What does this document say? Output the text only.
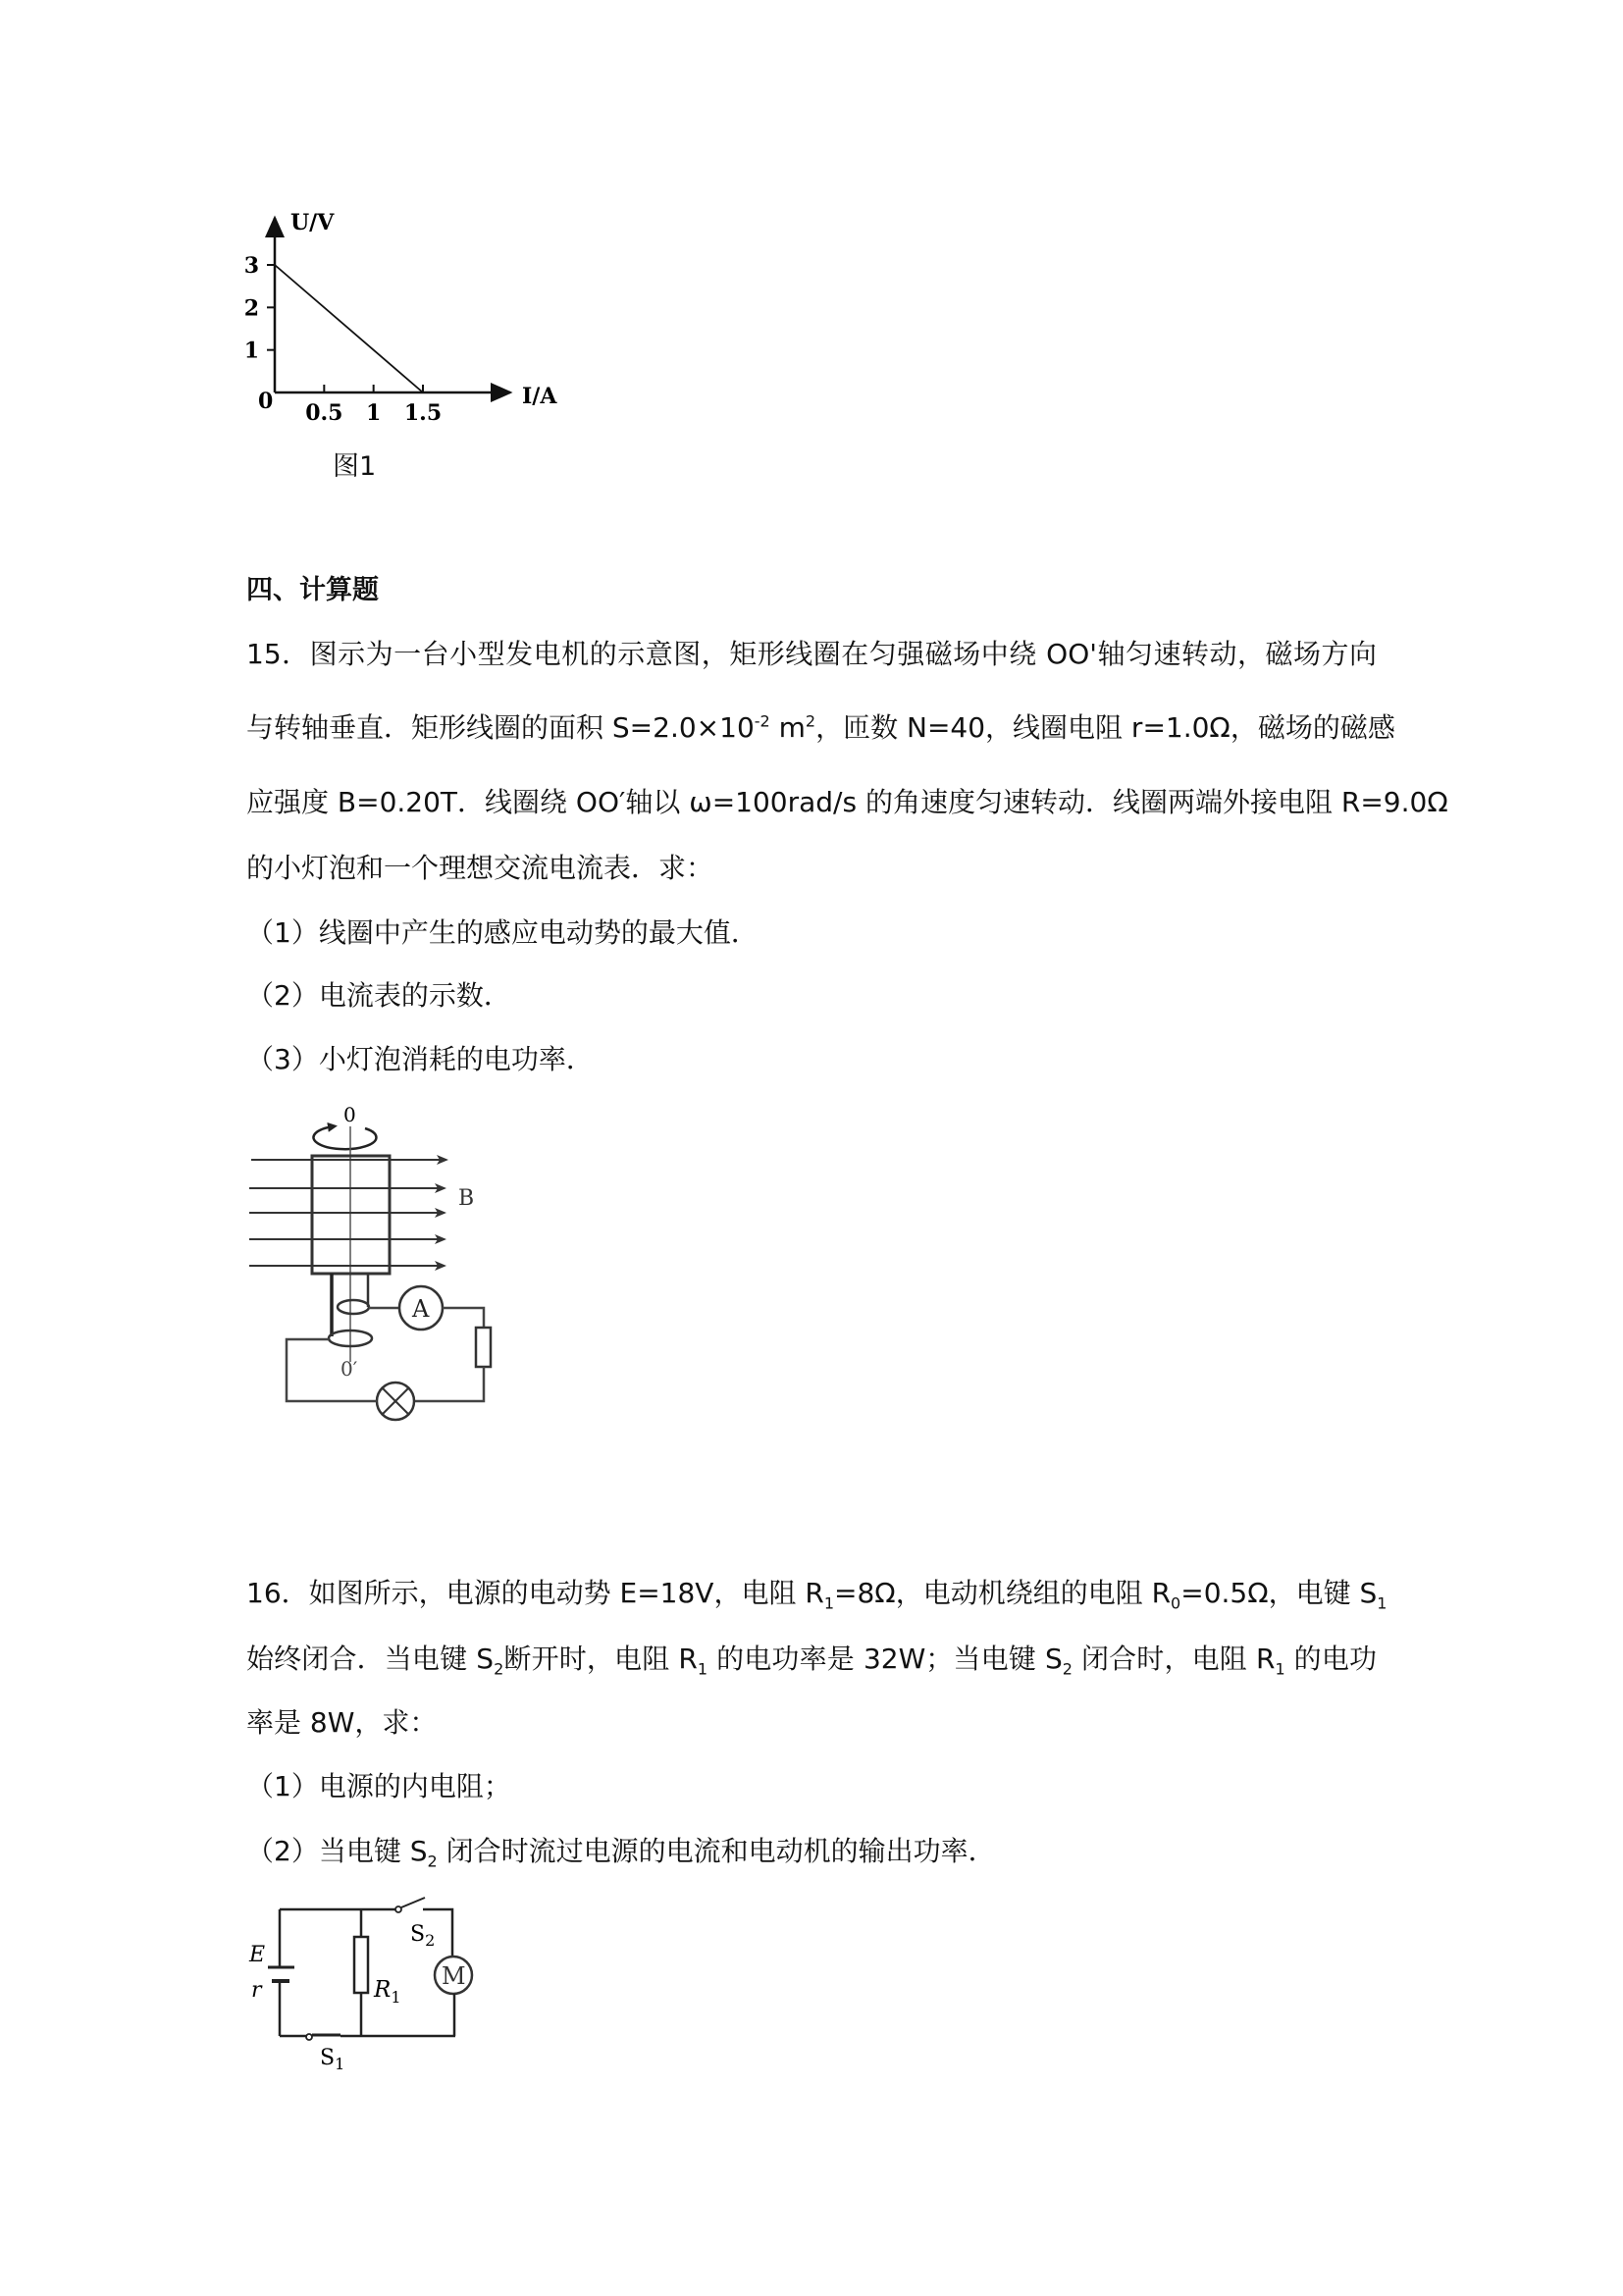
0.5 1 1.5
1
2
3
U/V
I/A
0
图1
四、计算题
15．图示为一台小型发电机的示意图，矩形线圈在匀强磁场中绕 OO'轴匀速转动，磁场方向
与转轴垂直．矩形线圈的面积 $S=2.0\times 10^{-2}$ $m^2$，匝数 N=40，线圈电阻 r=1.0Ω，磁场的磁感
应强度 B=0.20T．线圈绕 OO′轴以 ω=100rad/s 的角速度匀速转动．线圈两端外接电阻 R=9.0Ω
的小灯泡和一个理想交流电流表．求：
（1）线圈中产生的感应电动势的最大值．
（2）电流表的示数．
（3）小灯泡消耗的电功率．
0
B
0′
A
16．如图所示，电源的电动势 E=18V，电阻 $R_1=8\Omega$，电动机绕组的电阻 $R_0=0.5\Omega$，电键 $S_1$
始终闭合．当电键 $S_2$断开时，电阻 $R_1$ 的电功率是 32W；当电键 $S_2$ 闭合时，电阻 $R_1$ 的电功
率是 8W，求：
（1）电源的内电阻；
（2）当电键 $S_2$ 闭合时流过电源的电流和电动机的输出功率．
$S_2$
E
r	$R_1$
M
$S_1$
